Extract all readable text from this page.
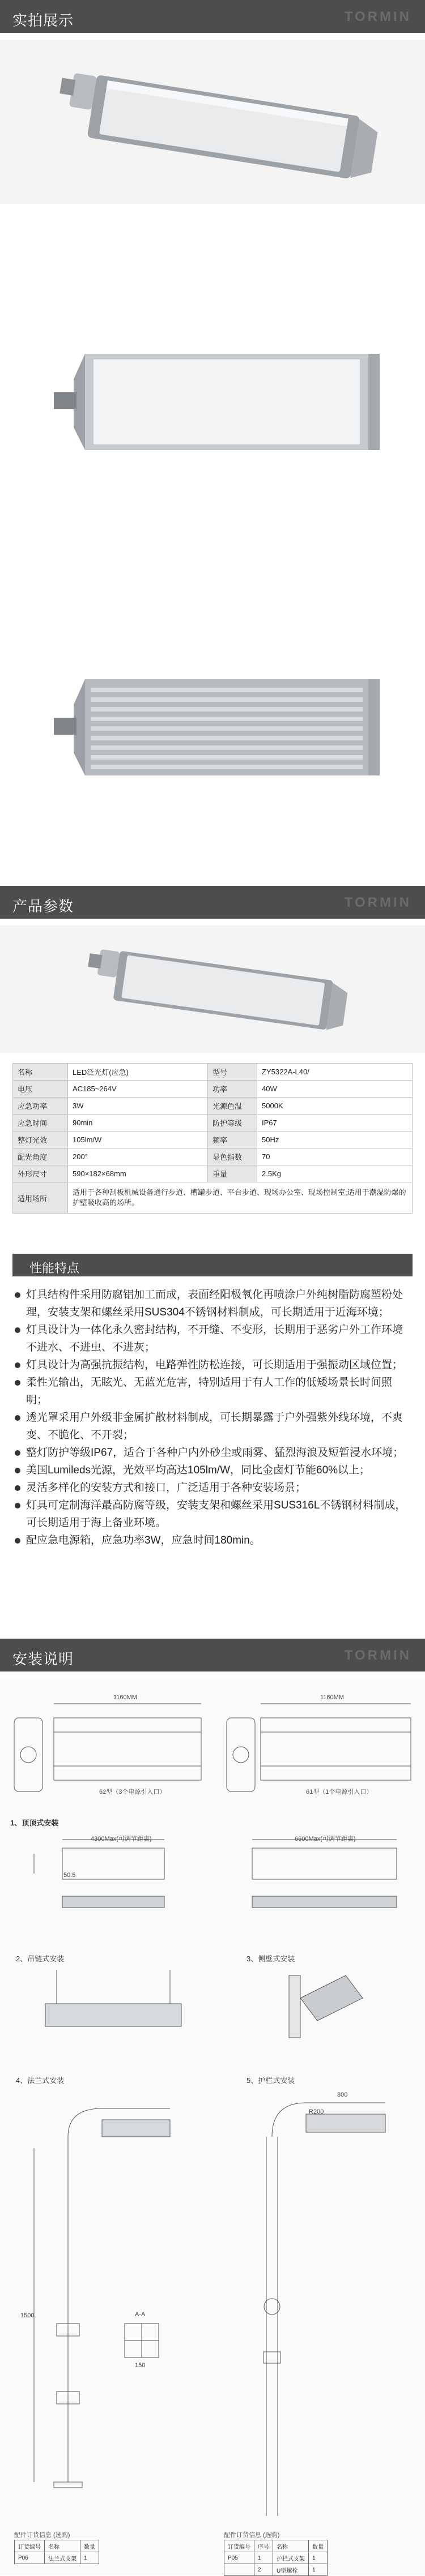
实拍展示	TORMIN
产品参数	TORMIN
名称	LED泛光灯(应急)	型号	ZY5322A-L40/
电压	AC185~264V	功率	40W
应急功率	3W	光源色温	5000K
应急时间	90min	防护等级	IP67
整灯光效	105lm/W	频率	50Hz
配光角度	200°	显色指数	70
外形尺寸	590×182×68mm	重量	2.5Kg
适用场所	适用于各种刮板机械设备通行步道、槽罐步道、平台步道、现场办公室、现场控制室;适用于潮湿防爆的护壁吸收高的场所。		
性能特点

灯具结构件采用防腐铝加工而成，表面经阳极氧化再喷涂户外纯树脂防腐塑粉处理，安装支架和螺丝采用SUS304不锈钢材料制成，可长期适用于近海环境；

灯具设计为一体化永久密封结构，不开缝、不变形，长期用于恶劣户外工作环境不进水、不进虫、不进灰；

灯具设计为高强抗振结构，电路弹性防松连接，可长期适用于强振动区域位置；

柔性光输出，无眩光、无蓝光危害，特别适用于有人工作的低矮场景长时间照明；

透光罩采用户外级非金属扩散材料制成，可长期暴露于户外强紫外线环境，不爽变、不脆化、不开裂；

整灯防护等级IP67，适合于各种户内外砂尘或雨雾、猛烈海浪及短暂浸水环境；

美国Lumileds光源，光效平均高达105lm/W，同比金卤灯节能60%以上；

灵活多样化的安装方式和接口，广泛适用于各种安装场景；

灯具可定制海洋最高防腐等级，安装支架和螺丝采用SUS316L不锈钢材料制成，可长期适用于海上备业环境。

配应急电源箱，应急功率3W，应急时间180min。

安装说明	TORMIN
1160MM	1160MM
62型（3个电源引入口）	61型（1个电源引入口）
1、顶顶式安装
4300Max(可调节距离)	6600Max(可调节距离)
50.5
2、吊链式安装	3、侧壁式安装
4、法兰式安装	5、护栏式安装
1500	A-A
150
800
R200
配件订货信息 (选购)
订货编号	名称	数量
P06	法兰式支架	1
配件订货信息 (选购)
订货编号	序号	名称	数量
P05	1	护栏式支架	1
	2	U型螺栓	1
